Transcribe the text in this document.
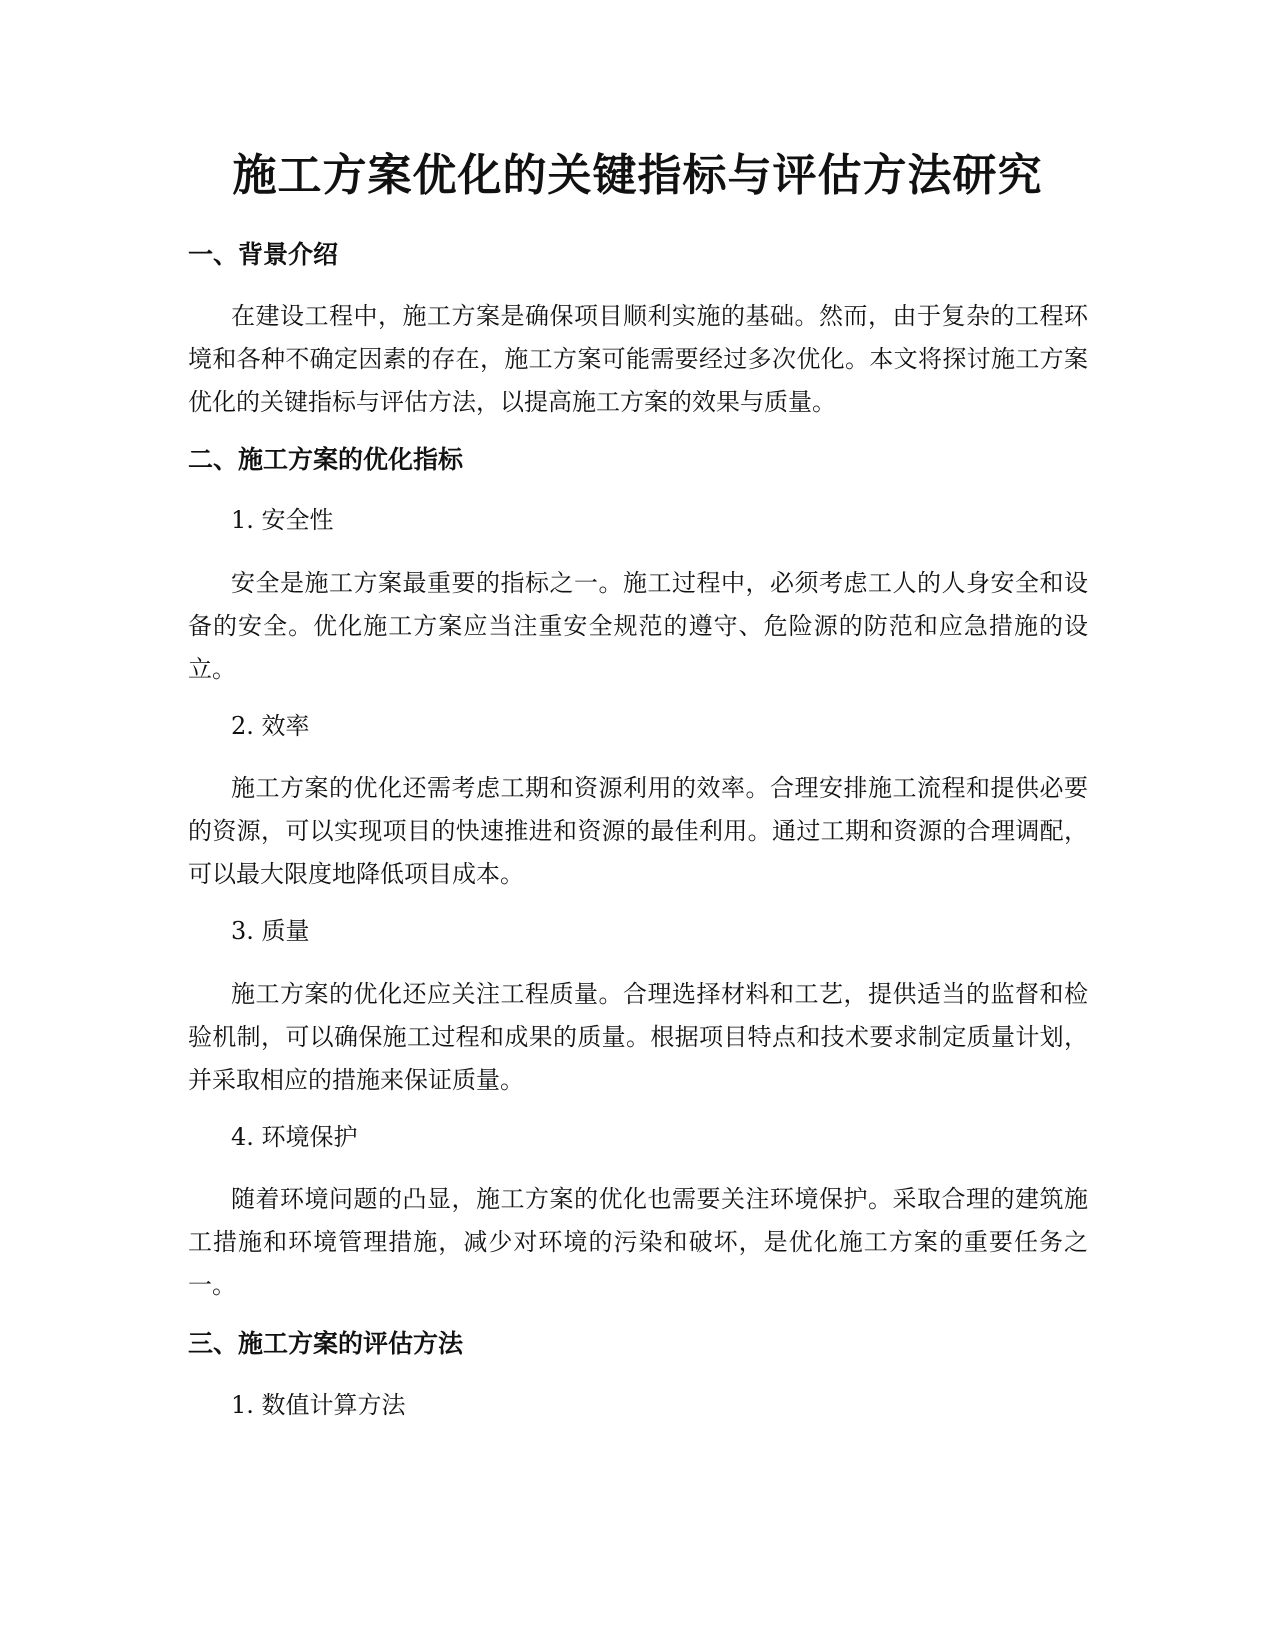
施工方案优化的关键指标与评估方法研究
一、背景介绍

在建设工程中，施工方案是确保项目顺利实施的基础。然而，由于复杂的工程环境和各种不确定因素的存在，施工方案可能需要经过多次优化。本文将探讨施工方案优化的关键指标与评估方法，以提高施工方案的效果与质量。

二、施工方案的优化指标

1. 安全性

安全是施工方案最重要的指标之一。施工过程中，必须考虑工人的人身安全和设备的安全。优化施工方案应当注重安全规范的遵守、危险源的防范和应急措施的设立。

2. 效率

施工方案的优化还需考虑工期和资源利用的效率。合理安排施工流程和提供必要的资源，可以实现项目的快速推进和资源的最佳利用。通过工期和资源的合理调配，可以最大限度地降低项目成本。

3. 质量

施工方案的优化还应关注工程质量。合理选择材料和工艺，提供适当的监督和检验机制，可以确保施工过程和成果的质量。根据项目特点和技术要求制定质量计划，并采取相应的措施来保证质量。

4. 环境保护

随着环境问题的凸显，施工方案的优化也需要关注环境保护。采取合理的建筑施工措施和环境管理措施，减少对环境的污染和破坏，是优化施工方案的重要任务之一。

三、施工方案的评估方法

1. 数值计算方法
